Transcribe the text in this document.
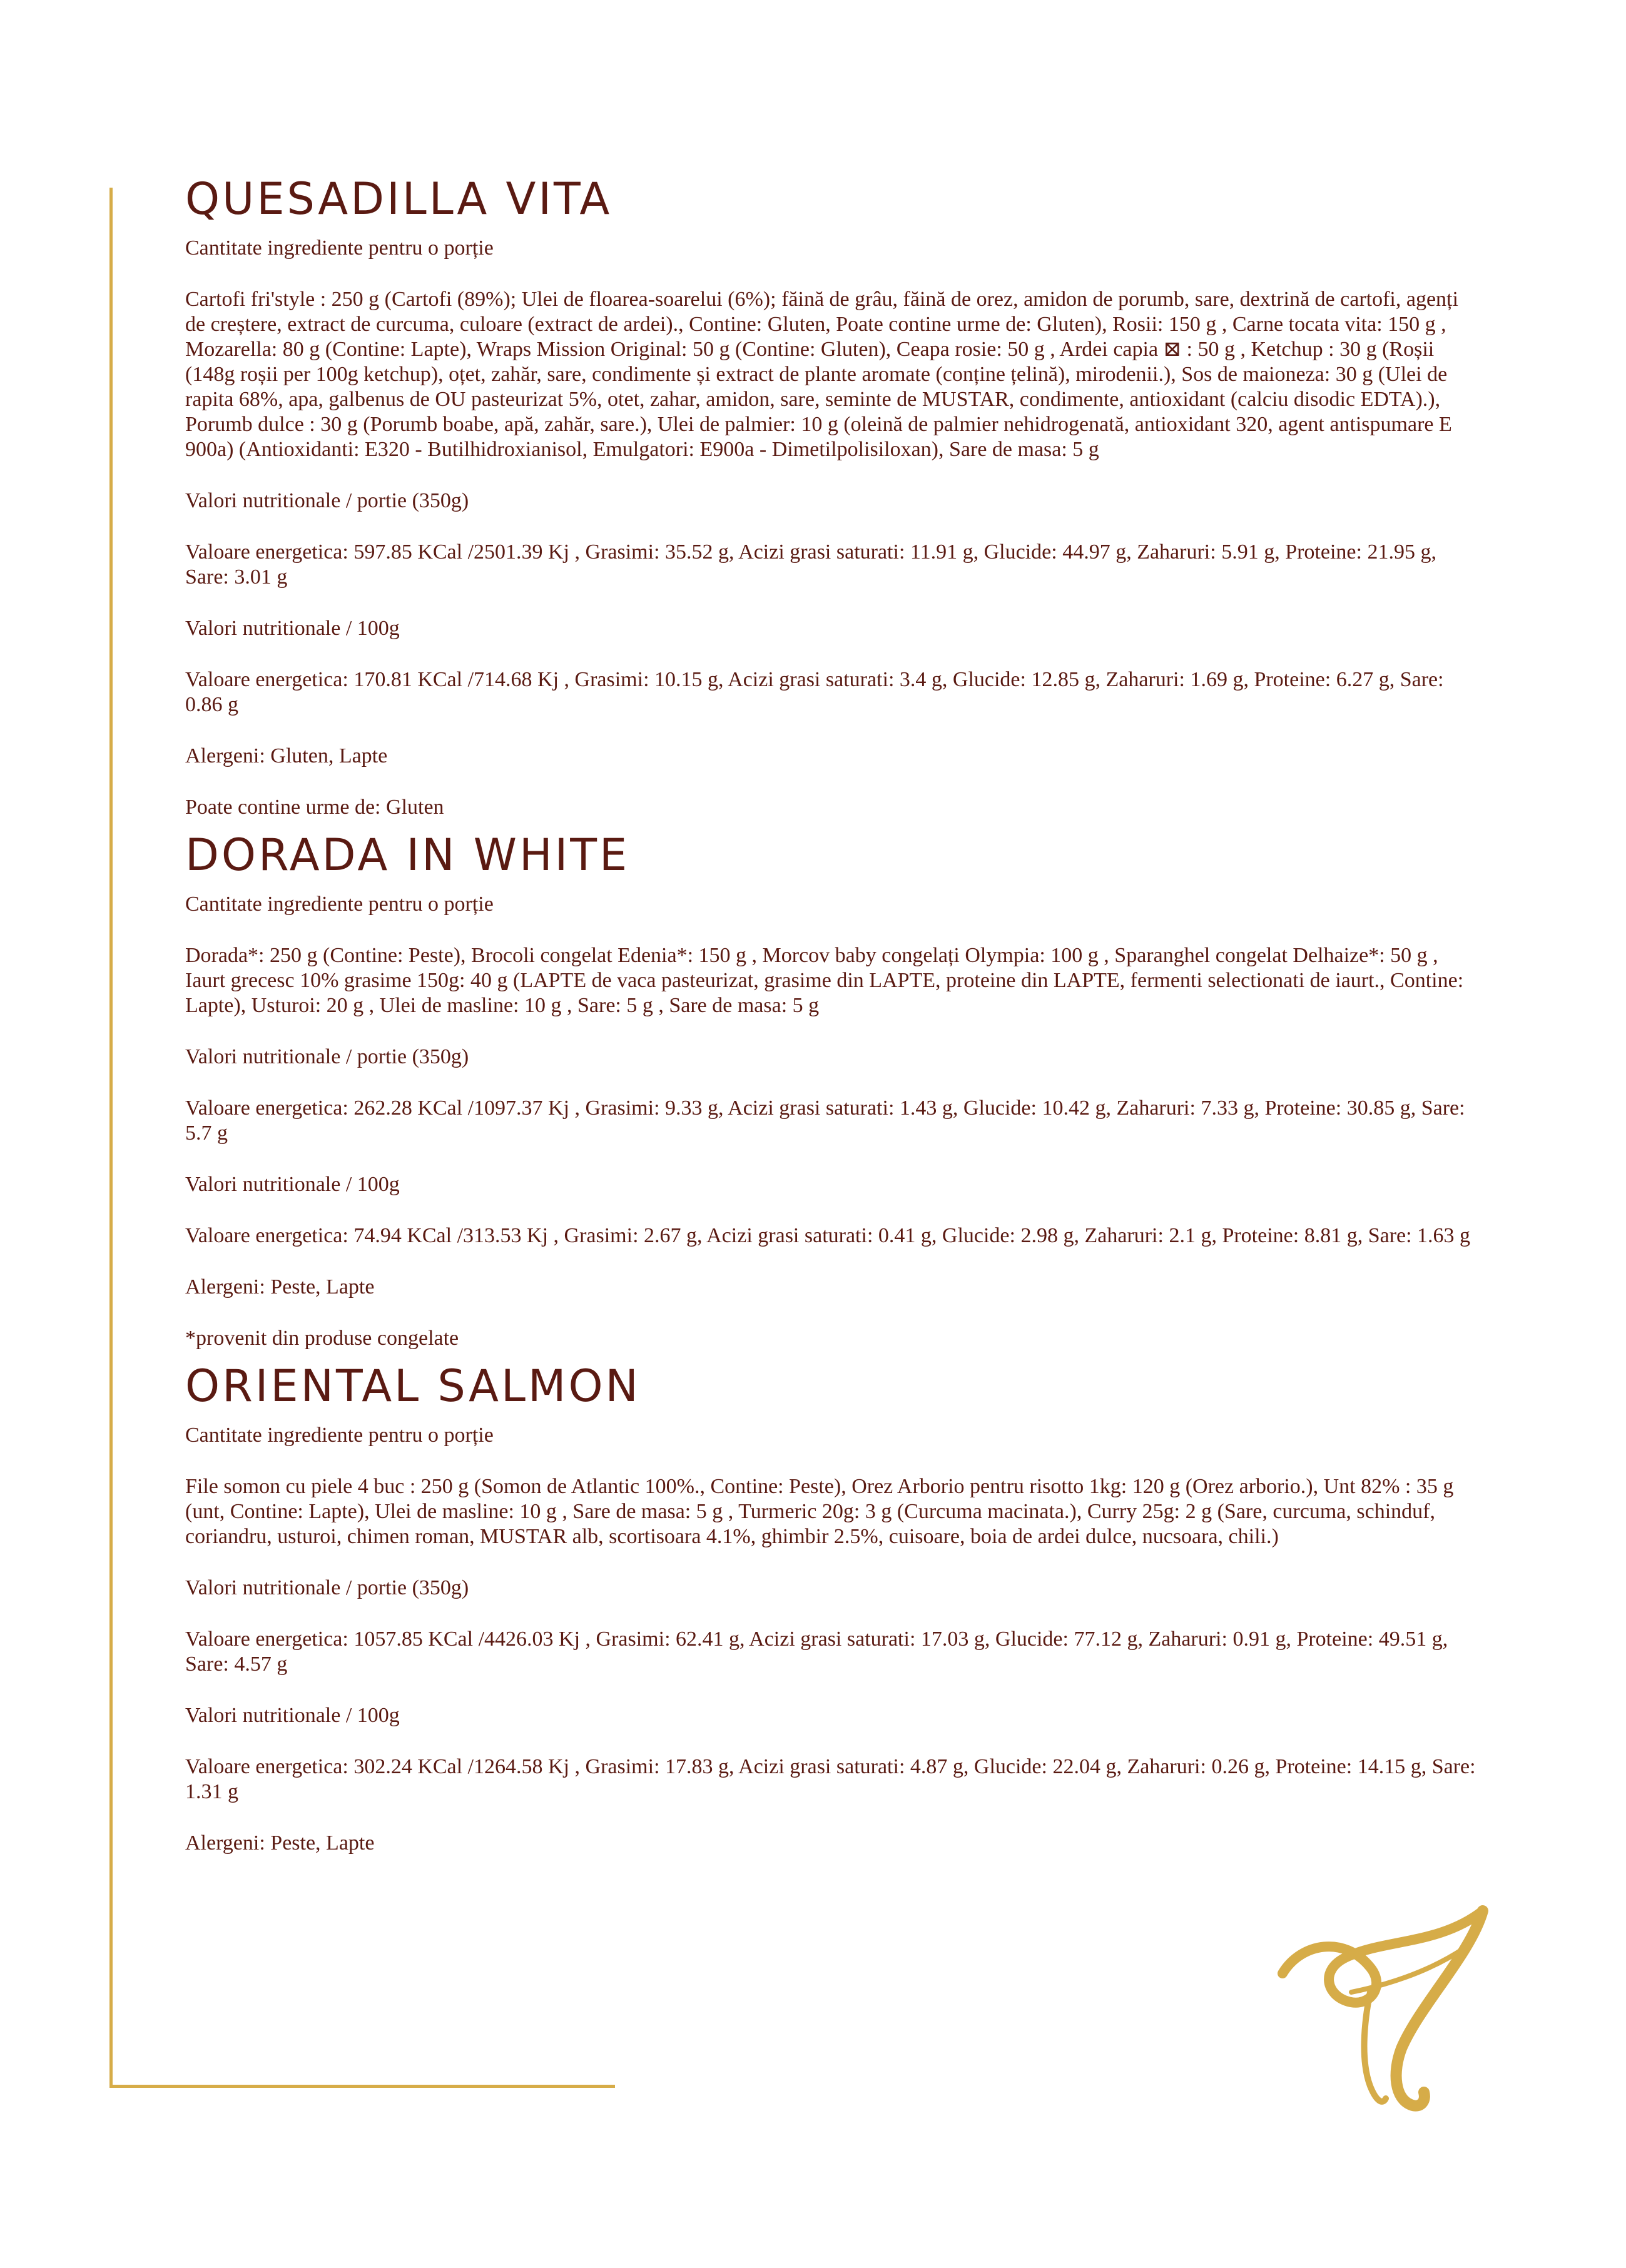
QUESADILLA VITA

Cantitate ingrediente pentru o porție

Cartofi fri'style : 250 g (Cartofi (89%); Ulei de floarea-soarelui (6%); făină de grâu, făină de orez, amidon de porumb, sare, dextrină de cartofi, agenți de creștere, extract de curcuma, culoare (extract de ardei)., Contine: Gluten, Poate contine urme de: Gluten), Rosii: 150 g , Carne tocata vita: 150 g , Mozarella: 80 g (Contine: Lapte), Wraps Mission Original: 50 g (Contine: Gluten), Ceapa rosie: 50 g , Ardei capia ⊠ : 50 g , Ketchup : 30 g (Roșii (148g roșii per 100g ketchup), oțet, zahăr, sare, condimente și extract de plante aromate (conține țelină), mirodenii.), Sos de maioneza: 30 g (Ulei de rapita 68%, apa, galbenus de OU pasteurizat 5%, otet, zahar, amidon, sare, seminte de MUSTAR, condimente, antioxidant (calciu disodic EDTA).), Porumb dulce : 30 g (Porumb boabe, apă, zahăr, sare.), Ulei de palmier: 10 g (oleină de palmier nehidrogenată, antioxidant 320, agent antispumare E 900a) (Antioxidanti: E320 - Butilhidroxianisol, Emulgatori: E900a - Dimetilpolisiloxan), Sare de masa: 5 g

Valori nutritionale / portie (350g)

Valoare energetica: 597.85 KCal /2501.39 Kj , Grasimi: 35.52 g, Acizi grasi saturati: 11.91 g, Glucide: 44.97 g, Zaharuri: 5.91 g, Proteine: 21.95 g, Sare: 3.01 g

Valori nutritionale / 100g

Valoare energetica: 170.81 KCal /714.68 Kj , Grasimi: 10.15 g, Acizi grasi saturati: 3.4 g, Glucide: 12.85 g, Zaharuri: 1.69 g, Proteine: 6.27 g, Sare: 0.86 g

Alergeni: Gluten, Lapte

Poate contine urme de: Gluten

DORADA IN WHITE

Cantitate ingrediente pentru o porție

Dorada*: 250 g (Contine: Peste), Brocoli congelat Edenia*: 150 g , Morcov baby congelați Olympia: 100 g , Sparanghel congelat Delhaize*: 50 g , Iaurt grecesc 10% grasime 150g: 40 g (LAPTE de vaca pasteurizat, grasime din LAPTE, proteine din LAPTE, fermenti selectionati de iaurt., Contine: Lapte), Usturoi: 20 g , Ulei de masline: 10 g , Sare: 5 g , Sare de masa: 5 g

Valori nutritionale / portie (350g)

Valoare energetica: 262.28 KCal /1097.37 Kj , Grasimi: 9.33 g, Acizi grasi saturati: 1.43 g, Glucide: 10.42 g, Zaharuri: 7.33 g, Proteine: 30.85 g, Sare: 5.7 g

Valori nutritionale / 100g

Valoare energetica: 74.94 KCal /313.53 Kj , Grasimi: 2.67 g, Acizi grasi saturati: 0.41 g, Glucide: 2.98 g, Zaharuri: 2.1 g, Proteine: 8.81 g, Sare: 1.63 g

Alergeni: Peste, Lapte

*provenit din produse congelate

ORIENTAL SALMON

Cantitate ingrediente pentru o porție

File somon cu piele 4 buc : 250 g (Somon de Atlantic 100%., Contine: Peste), Orez Arborio pentru risotto 1kg: 120 g (Orez arborio.), Unt 82% : 35 g (unt, Contine: Lapte), Ulei de masline: 10 g , Sare de masa: 5 g , Turmeric 20g: 3 g (Curcuma macinata.), Curry 25g: 2 g (Sare, curcuma, schinduf, coriandru, usturoi, chimen roman, MUSTAR alb, scortisoara 4.1%, ghimbir 2.5%, cuisoare, boia de ardei dulce, nucsoara, chili.)

Valori nutritionale / portie (350g)

Valoare energetica: 1057.85 KCal /4426.03 Kj , Grasimi: 62.41 g, Acizi grasi saturati: 17.03 g, Glucide: 77.12 g, Zaharuri: 0.91 g, Proteine: 49.51 g, Sare: 4.57 g

Valori nutritionale / 100g

Valoare energetica: 302.24 KCal /1264.58 Kj , Grasimi: 17.83 g, Acizi grasi saturati: 4.87 g, Glucide: 22.04 g, Zaharuri: 0.26 g, Proteine: 14.15 g, Sare: 1.31 g

Alergeni: Peste, Lapte
